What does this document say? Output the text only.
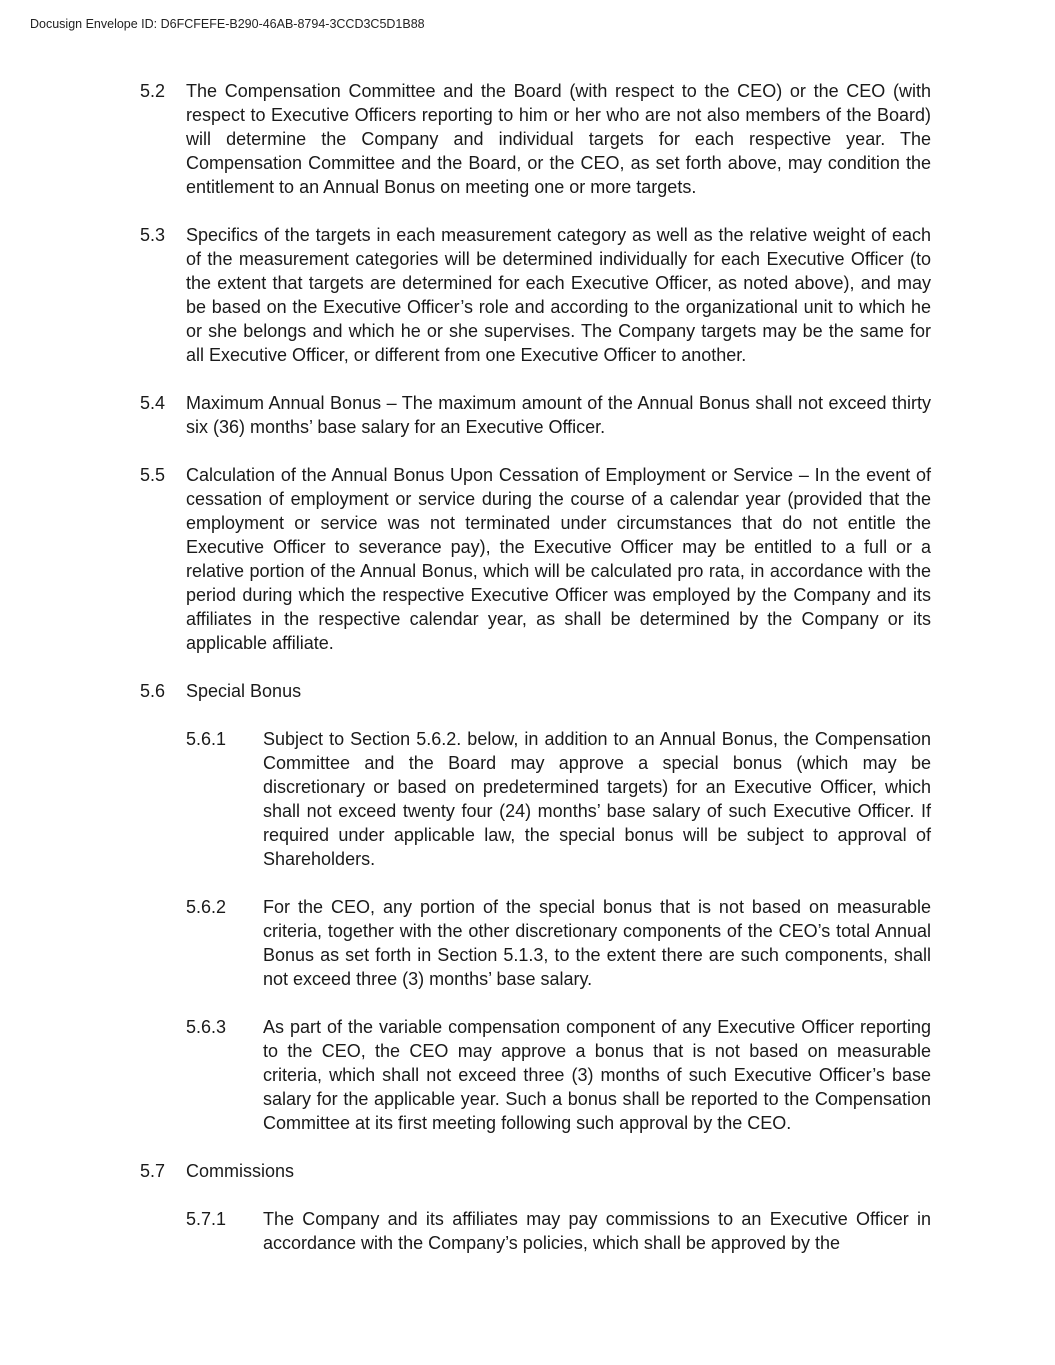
Docusign Envelope ID: D6FCFEFE-B290-46AB-8794-3CCD3C5D1B88
5.2	The Compensation Committee and the Board (with respect to the CEO) or the CEO (with respect to Executive Officers reporting to him or her who are not also members of the Board) will determine the Company and individual targets for each respective year. The Compensation Committee and the Board, or the CEO, as set forth above, may condition the entitlement to an Annual Bonus on meeting one or more targets.
5.3	Specifics of the targets in each measurement category as well as the relative weight of each of the measurement categories will be determined individually for each Executive Officer (to the extent that targets are determined for each Executive Officer, as noted above), and may be based on the Executive Officer’s role and according to the organizational unit to which he or she belongs and which he or she supervises. The Company targets may be the same for all Executive Officer, or different from one Executive Officer to another.
5.4	Maximum Annual Bonus – The maximum amount of the Annual Bonus shall not exceed thirty six (36) months’ base salary for an Executive Officer.
5.5	Calculation of the Annual Bonus Upon Cessation of Employment or Service – In the event of cessation of employment or service during the course of a calendar year (provided that the employment or service was not terminated under circumstances that do not entitle the Executive Officer to severance pay), the Executive Officer may be entitled to a full or a relative portion of the Annual Bonus, which will be calculated pro rata, in accordance with the period during which the respective Executive Officer was employed by the Company and its affiliates in the respective calendar year, as shall be determined by the Company or its applicable affiliate.
5.6	Special Bonus
5.6.1	Subject to Section 5.6.2. below, in addition to an Annual Bonus, the Compensation Committee and the Board may approve a special bonus (which may be discretionary or based on predetermined targets) for an Executive Officer, which shall not exceed twenty four (24) months’ base salary of such Executive Officer. If required under applicable law, the special bonus will be subject to approval of Shareholders.
5.6.2	For the CEO, any portion of the special bonus that is not based on measurable criteria, together with the other discretionary components of the CEO’s total Annual Bonus as set forth in Section 5.1.3, to the extent there are such components, shall not exceed three (3) months’ base salary.
5.6.3	As part of the variable compensation component of any Executive Officer reporting to the CEO, the CEO may approve a bonus that is not based on measurable criteria, which shall not exceed three (3) months of such Executive Officer’s base salary for the applicable year. Such a bonus shall be reported to the Compensation Committee at its first meeting following such approval by the CEO.
5.7	Commissions
5.7.1	The Company and its affiliates may pay commissions to an Executive Officer in accordance with the Company’s policies, which shall be approved by the
